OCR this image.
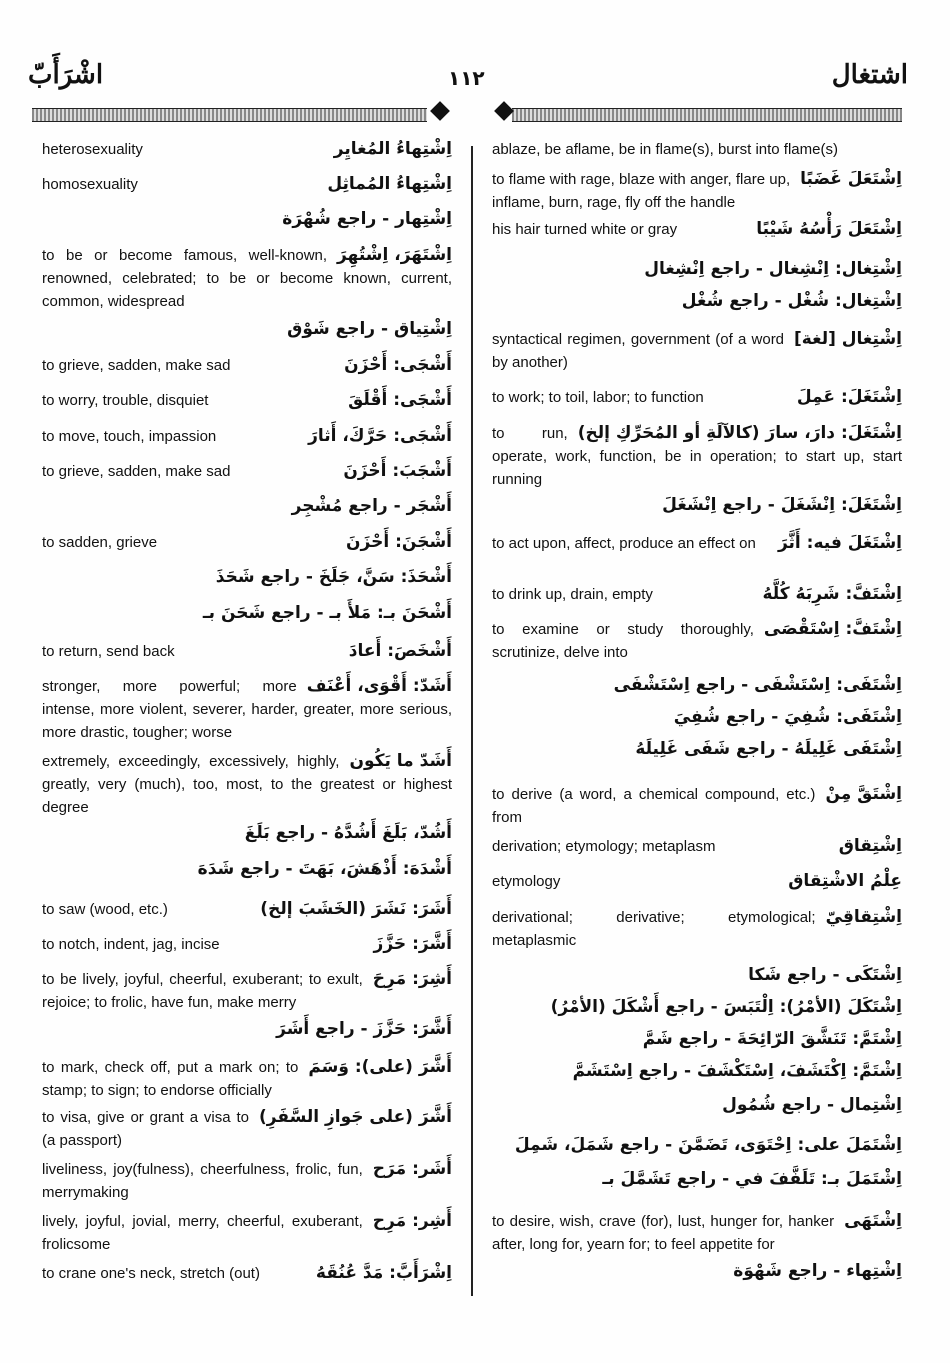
اشْرَأَبّ	١١٢	اشتغال
ablaze, be aflame, be in flame(s), burst into flame(s)
اِشْتَعَلَ غَضَبًا
to flame with rage, blaze with anger, flare up, inflame, burn, rage, fly off the handle
اِشْتَعَلَ رَأْسُهُ شَيْبًا
his hair turned white or gray
اِشْتِغال: اِنْشِغال - راجع اِنْشِغال
اِشْتِغال: شُغْل - راجع شُغْل
اِشْتِغال [لغة]
syntactical regimen, government (of a word by another)
اِشْتَغَلَ: عَمِلَ
to work; to toil, labor; to function
اِشْتَغَلَ: دارَ، سارَ (كالآلَةِ أو المُحَرِّكِ إلخ)
to run, operate, work, function, be in operation; to start up, start running
اِشْتَغَلَ: اِنْشَغَلَ - راجع اِنْشَغَلَ
اِشْتَغَلَ فيه: أَثَّرَ
to act upon, affect, produce an effect on
اِشْتَفَّ: شَرِبَهُ كُلَّهُ
to drink up, drain, empty
اِشْتَفَّ: اِسْتَقْصَى
to examine or study thoroughly, scrutinize, delve into
اِشْتَفَى: اِسْتَشْفَى - راجع اِسْتَشْفَى
اِشْتَفَى: شُفِيَ - راجع شُفِيَ
اِشْتَفَى غَلِيلَهُ - راجع شَفَى غَلِيلَهُ
اِشْتَقَّ مِنْ
to derive (a word, a chemical compound, etc.) from
اِشْتِقاق
derivation; etymology; metaplasm
عِلْمُ الاشْتِقاق
etymology
اِشْتِقاقِيّ
derivational; derivative; etymological; metaplasmic
اِشْتَكَى - راجع شَكا
اِشْتَكَلَ (الأمْرُ): اِلْتَبَسَ - راجع أَشْكَلَ (الأمْرُ)
اِشْتَمَّ: تَنَشَّقَ الرّائِحَةَ - راجع شَمَّ
اِشْتَمَّ: اِكْتَشَفَ، اِسْتَكْشَفَ - راجع اِسْتَشَمَّ
اِشْتِمال - راجع شُمُول
اِشْتَمَلَ على: اِحْتَوَى، تَضَمَّنَ - راجع شَمَلَ، شَمِلَ
اِشْتَمَلَ بـ: تَلَفَّفَ في - راجع تَشَمَّلَ بـ
اِشْتَهَى
to desire, wish, crave (for), lust, hunger for, hanker after, long for, yearn for; to feel appetite for
اِشْتِهاء - راجع شَهْوَة
اِشْتِهاءُ المُغايِر
heterosexuality
اِشْتِهاءُ المُماثِل
homosexuality
اِشْتِهار - راجع شُهْرَة
اِشْتَهَرَ، اِشْتُهِرَ
to be or become famous, well-known, renowned, celebrated; to be or become known, current, common, widespread
اِشْتِياق - راجع شَوْق
أَشْجَى: أَحْزَنَ
to grieve, sadden, make sad
أَشْجَى: أَقْلَقَ
to worry, trouble, disquiet
أَشْجَى: حَرَّكَ، أَثارَ
to move, touch, impassion
أَشْجَبَ: أَحْزَنَ
to grieve, sadden, make sad
أَشْجَر - راجع مُشْجِر
أَشْجَنَ: أَحْزَنَ
to sadden, grieve
أَشْحَذَ: سَنَّ، جَلَخَ - راجع شَحَذَ
أَشْحَنَ بـ: مَلأَ بـ - راجع شَحَنَ بـ
أَشْخَصَ: أَعادَ
to return, send back
أَشَدّ: أَقْوَى، أَعْنَف
stronger, more powerful; more intense, more violent, severer, harder, greater, more serious, more drastic, tougher; worse
أَشَدّ ما يَكُون
extremely, exceedingly, excessively, highly, greatly, very (much), too, most, to the greatest or highest degree
أَشُدّ، بَلَغَ أَشُدَّهُ - راجع بَلَغَ
أَشْدَهَ: أَذْهَشَ، بَهَتَ - راجع شَدَهَ
أَشَرَ: نَشَرَ (الخَشَبَ إلخ)
to saw (wood, etc.)
أَشَّرَ: حَزَّزَ
to notch, indent, jag, incise
أَشِرَ: مَرِحَ
to be lively, joyful, cheerful, exuberant; to exult, rejoice; to frolic, have fun, make merry
أَشَّرَ: حَزَّزَ - راجع أَشَرَ
أَشَّرَ (على): وَسَمَ
to mark, check off, put a mark on; to stamp; to sign; to endorse officially
أَشَّرَ (على جَوازِ السَّفَرِ)
to visa, give or grant a visa to (a passport)
أَشَر: مَرَح
liveliness, joy(fulness), cheerfulness, frolic, fun, merrymaking
أَشِر: مَرِح
lively, joyful, jovial, merry, cheerful, exuberant, frolicsome
اِشْرَأَبَّ: مَدَّ عُنُقَهُ
to crane one's neck, stretch (out)
